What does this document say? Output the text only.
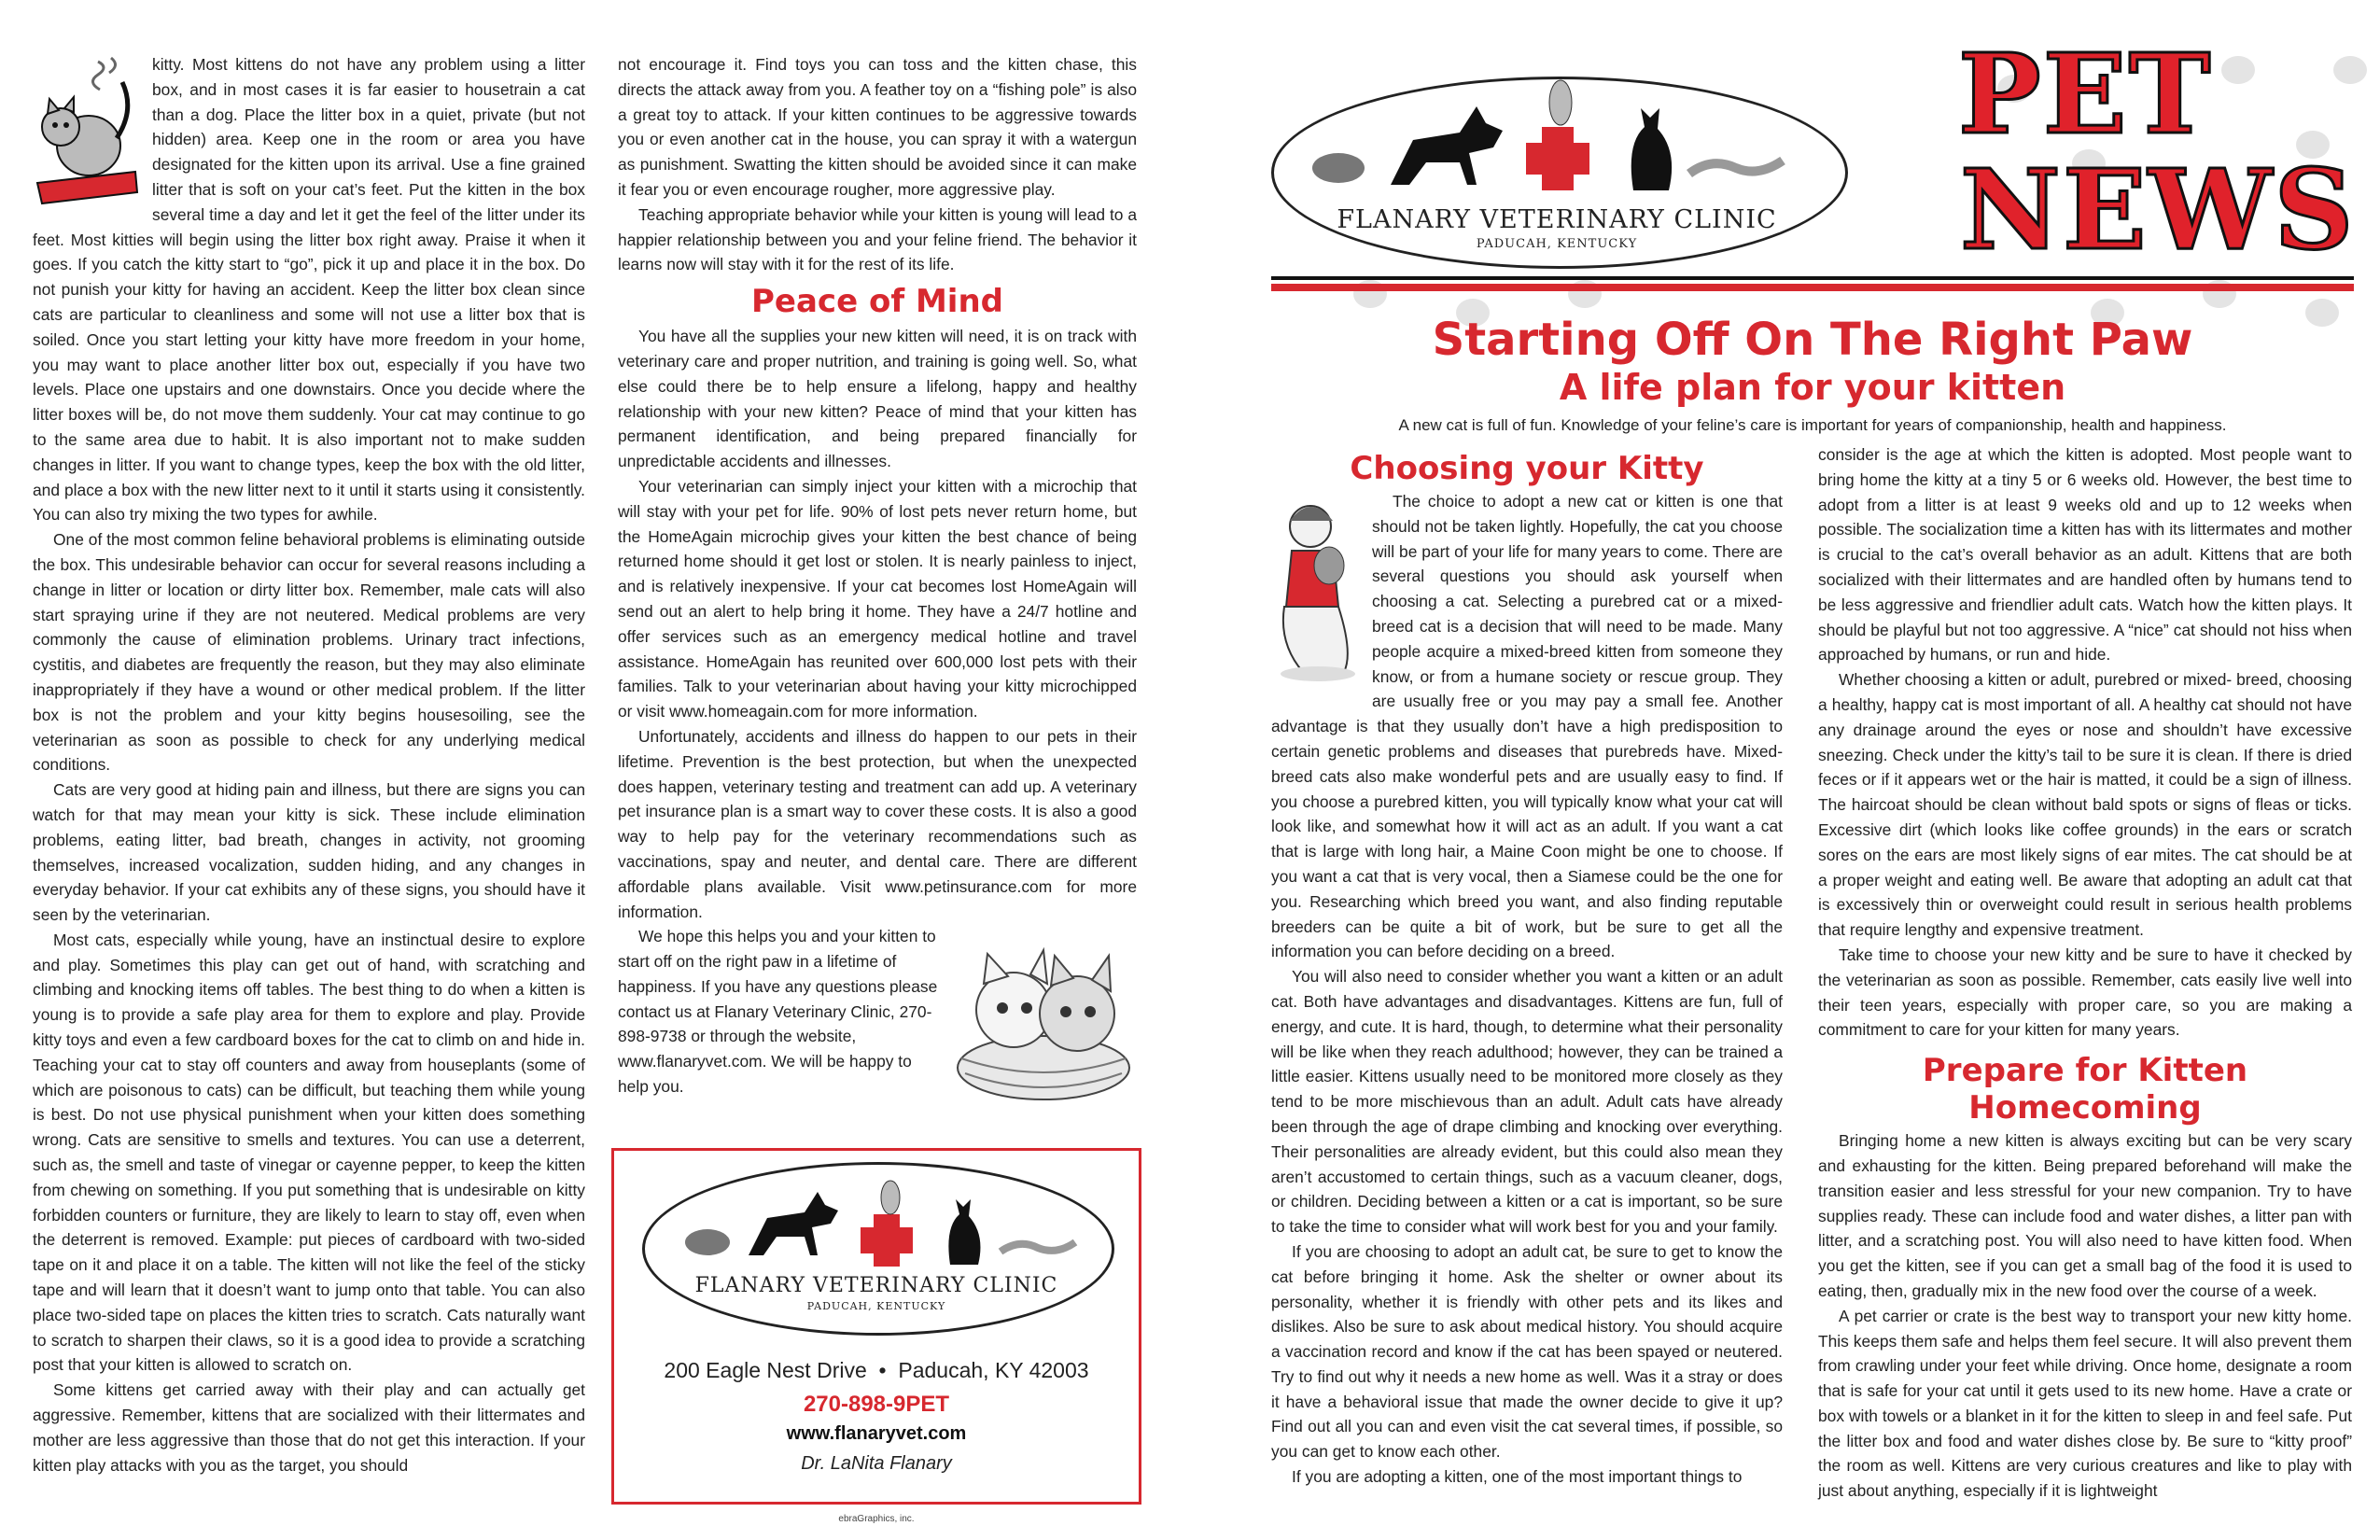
kitty. Most kittens do not have any problem using a litter box, and in most cases it is far easier to housetrain a cat than a dog. Place the litter box in a quiet, private (but not hidden) area. Keep one in the room or area you have designated for the kitten upon its arrival. Use a fine grained litter that is soft on your cat’s feet. Put the kitten in the box several time a day and let it get the feel of the litter under its feet. Most kitties will begin using the litter box right away. Praise it when it goes. If you catch the kitty start to “go”, pick it up and place it in the box. Do not punish your kitty for having an accident. Keep the litter box clean since cats are particular to cleanliness and some will not use a litter box that is soiled. Once you start letting your kitty have more freedom in your home, you may want to place another litter box out, especially if you have two levels. Place one upstairs and one downstairs. Once you decide where the litter boxes will be, do not move them suddenly. Your cat may continue to go to the same area due to habit. It is also important not to make sudden changes in litter. If you want to change types, keep the box with the old litter, and place a box with the new litter next to it until it starts using it consistently. You can also try mixing the two types for awhile.

One of the most common feline behavioral problems is eliminating outside the box. This undesirable behavior can occur for several reasons including a change in litter or location or dirty litter box. Remember, male cats will also start spraying urine if they are not neutered. Medical problems are very commonly the cause of elimination problems. Urinary tract infections, cystitis, and diabetes are frequently the reason, but they may also eliminate inappropriately if they have a wound or other medical problem. If the litter box is not the problem and your kitty begins housesoiling, see the veterinarian as soon as possible to check for any underlying medical conditions.

Cats are very good at hiding pain and illness, but there are signs you can watch for that may mean your kitty is sick. These include elimination problems, eating litter, bad breath, changes in activity, not grooming themselves, increased vocalization, sudden hiding, and any changes in everyday behavior. If your cat exhibits any of these signs, you should have it seen by the veterinarian.

Most cats, especially while young, have an instinctual desire to explore and play. Sometimes this play can get out of hand, with scratching and climbing and knocking items off tables. The best thing to do when a kitten is young is to provide a safe play area for them to explore and play. Provide kitty toys and even a few cardboard boxes for the cat to climb on and hide in. Teaching your cat to stay off counters and away from houseplants (some of which are poisonous to cats) can be difficult, but teaching them while young is best. Do not use physical punishment when your kitten does something wrong. Cats are sensitive to smells and textures. You can use a deterrent, such as, the smell and taste of vinegar or cayenne pepper, to keep the kitten from chewing on something. If you put something that is undesirable on kitty forbidden counters or furniture, they are likely to learn to stay off, even when the deterrent is removed. Example: put pieces of cardboard with two-sided tape on it and place it on a table. The kitten will not like the feel of the sticky tape and will learn that it doesn’t want to jump onto that table. You can also place two-sided tape on places the kitten tries to scratch. Cats naturally want to scratch to sharpen their claws, so it is a good idea to provide a scratching post that your kitten is allowed to scratch on.

Some kittens get carried away with their play and can actually get aggressive. Remember, kittens that are socialized with their littermates and mother are less aggressive than those that do not get this interaction. If your kitten play attacks with you as the target, you should

not encourage it. Find toys you can toss and the kitten chase, this directs the attack away from you. A feather toy on a “fishing pole” is also a great toy to attack. If your kitten continues to be aggressive towards you or even another cat in the house, you can spray it with a watergun as punishment. Swatting the kitten should be avoided since it can make it fear you or even encourage rougher, more aggressive play.

Teaching appropriate behavior while your kitten is young will lead to a happier relationship between you and your feline friend. The behavior it learns now will stay with it for the rest of its life.

Peace of Mind

You have all the supplies your new kitten will need, it is on track with veterinary care and proper nutrition, and training is going well. So, what else could there be to help ensure a lifelong, happy and healthy relationship with your new kitten? Peace of mind that your kitten has permanent identification, and being prepared financially for unpredictable accidents and illnesses.

Your veterinarian can simply inject your kitten with a microchip that will stay with your pet for life. 90% of lost pets never return home, but the HomeAgain microchip gives your kitten the best chance of being returned home should it get lost or stolen. It is nearly painless to inject, and is relatively inexpensive. If your cat becomes lost HomeAgain will send out an alert to help bring it home. They have a 24/7 hotline and offer services such as an emergency medical hotline and travel assistance. HomeAgain has reunited over 600,000 lost pets with their families. Talk to your veterinarian about having your kitty microchipped or visit www.homeagain.com for more information.

Unfortunately, accidents and illness do happen to our pets in their lifetime. Prevention is the best protection, but when the unexpected does happen, veterinary testing and treatment can add up. A veterinary pet insurance plan is a smart way to cover these costs. It is also a good way to help pay for the veterinary recommendations such as vaccinations, spay and neuter, and dental care. There are different affordable plans available. Visit www.petinsurance.com for more information.

We hope this helps you and your kitten to start off on the right paw in a lifetime of happiness. If you have any questions please contact us at Flanary Veterinary Clinic, 270-898-9738 or through the website, www.flanaryvet.com. We will be happy to help you.

FLANARY VETERINARY CLINIC
PADUCAH, KENTUCKY
200 Eagle Nest Drive  •  Paducah, KY 42003
270-898-9PET
www.flanaryvet.com
Dr. LaNita Flanary
ebraGraphics, inc.
FLANARY VETERINARY CLINIC
PADUCAH, KENTUCKY
PET
NEWS
Starting Off On The Right Paw
A life plan for your kitten
A new cat is full of fun. Knowledge of your feline’s care is important for years of companionship, health and happiness.
Choosing your Kitty

The choice to adopt a new cat or kitten is one that should not be taken lightly. Hopefully, the cat you choose will be part of your life for many years to come. There are several questions you should ask yourself when choosing a cat. Selecting a purebred cat or a mixed- breed cat is a decision that will need to be made. Many people acquire a mixed-breed kitten from someone they know, or from a humane society or rescue group. They are usually free or you may pay a small fee. Another advantage is that they usually don’t have a high predisposition to certain genetic problems and diseases that purebreds have. Mixed-breed cats also make wonderful pets and are usually easy to find. If you choose a purebred kitten, you will typically know what your cat will look like, and somewhat how it will act as an adult. If you want a cat that is large with long hair, a Maine Coon might be one to choose. If you want a cat that is very vocal, then a Siamese could be the one for you. Researching which breed you want, and also finding reputable breeders can be quite a bit of work, but be sure to get all the information you can before deciding on a breed.

You will also need to consider whether you want a kitten or an adult cat. Both have advantages and disadvantages. Kittens are fun, full of energy, and cute. It is hard, though, to determine what their personality will be like when they reach adulthood; however, they can be trained a little easier. Kittens usually need to be monitored more closely as they tend to be more mischievous than an adult. Adult cats have already been through the age of drape climbing and knocking over everything. Their personalities are already evident, but this could also mean they aren’t accustomed to certain things, such as a vacuum cleaner, dogs, or children. Deciding between a kitten or a cat is important, so be sure to take the time to consider what will work best for you and your family.

If you are choosing to adopt an adult cat, be sure to get to know the cat before bringing it home. Ask the shelter or owner about its personality, whether it is friendly with other pets and its likes and dislikes. Also be sure to ask about medical history. You should acquire a vaccination record and know if the cat has been spayed or neutered. Try to find out why it needs a new home as well. Was it a stray or does it have a behavioral issue that made the owner decide to give it up? Find out all you can and even visit the cat several times, if possible, so you can get to know each other.

If you are adopting a kitten, one of the most important things to

consider is the age at which the kitten is adopted. Most people want to bring home the kitty at a tiny 5 or 6 weeks old. However, the best time to adopt from a litter is at least 9 weeks old and up to 12 weeks when possible. The socialization time a kitten has with its littermates and mother is crucial to the cat’s overall behavior as an adult. Kittens that are both socialized with their littermates and are handled often by humans tend to be less aggressive and friendlier adult cats. Watch how the kitten plays. It should be playful but not too aggressive. A “nice” cat should not hiss when approached by humans, or run and hide.

Whether choosing a kitten or adult, purebred or mixed- breed, choosing a healthy, happy cat is most important of all. A healthy cat should not have any drainage around the eyes or nose and shouldn’t have excessive sneezing. Check under the kitty’s tail to be sure it is clean. If there is dried feces or if it appears wet or the hair is matted, it could be a sign of illness. The haircoat should be clean without bald spots or signs of fleas or ticks. Excessive dirt (which looks like coffee grounds) in the ears or scratch sores on the ears are most likely signs of ear mites. The cat should be at a proper weight and eating well. Be aware that adopting an adult cat that is excessively thin or overweight could result in serious health problems that require lengthy and expensive treatment.

Take time to choose your new kitty and be sure to have it checked by the veterinarian as soon as possible. Remember, cats easily live well into their teen years, especially with proper care, so you are making a commitment to care for your kitten for many years.

Prepare for Kitten Homecoming

Bringing home a new kitten is always exciting but can be very scary and exhausting for the kitten. Being prepared beforehand will make the transition easier and less stressful for your new companion. Try to have supplies ready. These can include food and water dishes, a litter pan with litter, and a scratching post. You will also need to have kitten food. When you get the kitten, see if you can get a small bag of the food it is used to eating, then, gradually mix in the new food over the course of a week.

A pet carrier or crate is the best way to transport your new kitty home. This keeps them safe and helps them feel secure. It will also prevent them from crawling under your feet while driving. Once home, designate a room that is safe for your cat until it gets used to its new home. Have a crate or box with towels or a blanket in it for the kitten to sleep in and feel safe. Put the litter box and food and water dishes close by. Be sure to “kitty proof” the room as well. Kittens are very curious creatures and like to play with just about anything, especially if it is lightweight
